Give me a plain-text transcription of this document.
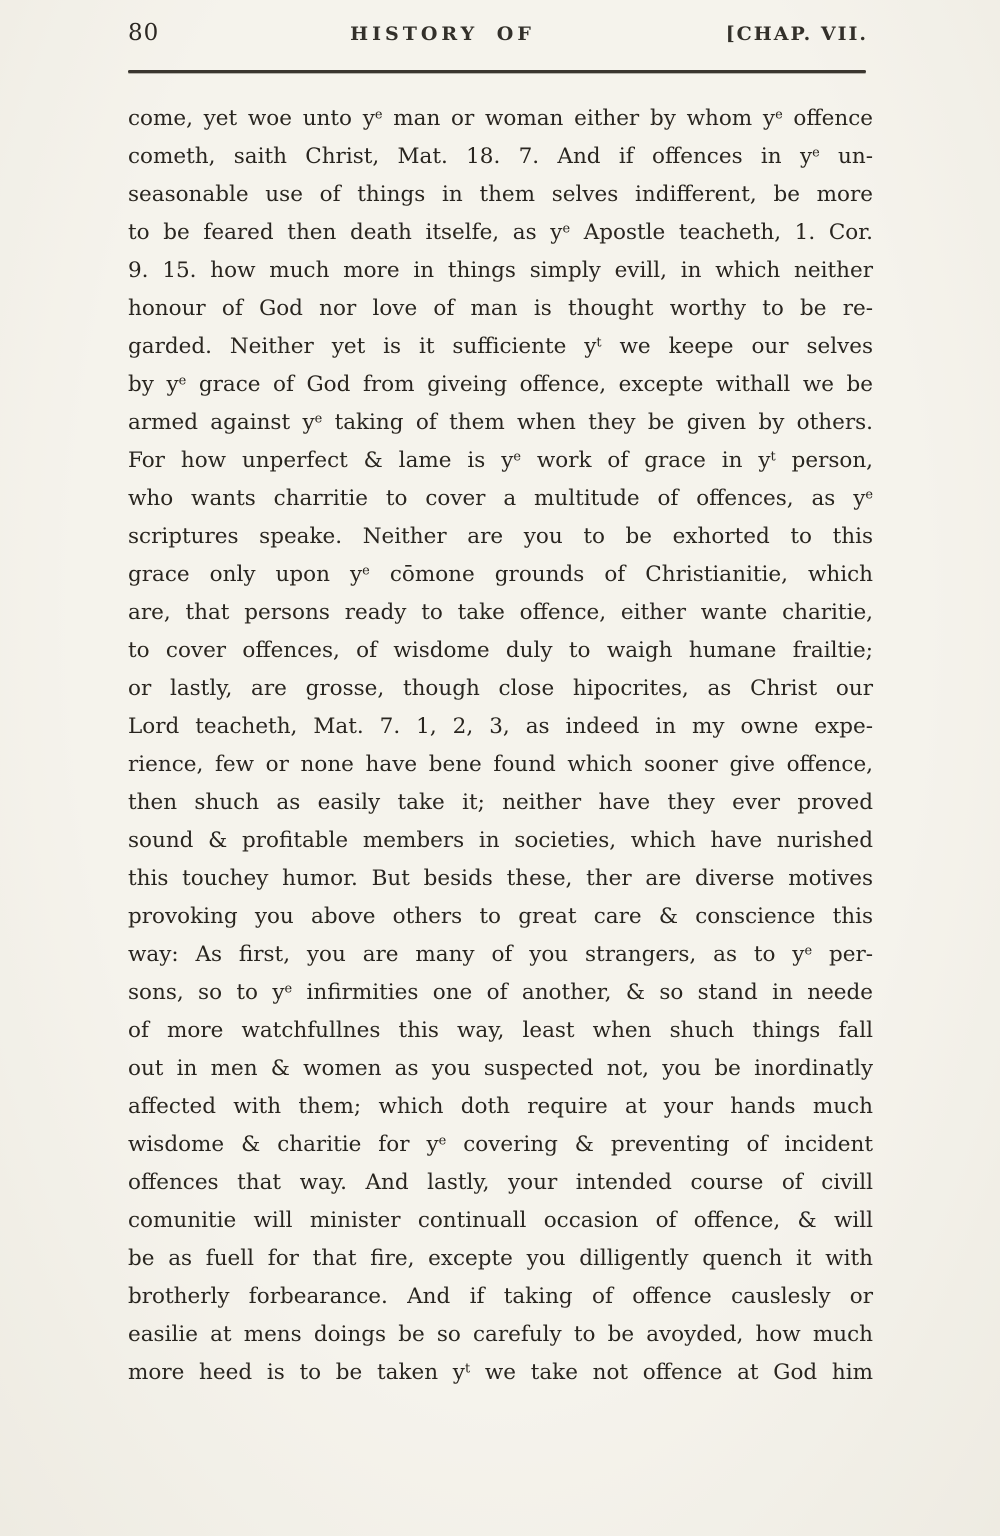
80	HISTORY OF	[CHAP. VII.
come, yet woe unto $y^e$ man or woman either by whom $y^e$ offence
cometh, saith Christ, Mat. 18. 7. And if offences in $y^e$ un-
seasonable use of things in them selves indifferent, be more
to be feared then death itselfe, as $y^e$ Apostle teacheth, 1. Cor.
9. 15. how much more in things simply evill, in which neither
honour of God nor love of man is thought worthy to be re-
garded. Neither yet is it sufficiente $y^t$ we keepe our selves
by $y^e$ grace of God from giveing offence, excepte withall we be
armed against $y^e$ taking of them when they be given by others.
For how unperfect & lame is $y^e$ work of grace in $y^t$ person,
who wants charritie to cover a multitude of offences, as $y^e$
scriptures speake. Neither are you to be exhorted to this
grace only upon $y^e$ cōmone grounds of Christianitie, which
are, that persons ready to take offence, either wante charitie,
to cover offences, of wisdome duly to waigh humane frailtie;
or lastly, are grosse, though close hipocrites, as Christ our
Lord teacheth, Mat. 7. 1, 2, 3, as indeed in my owne expe-
rience, few or none have bene found which sooner give offence,
then shuch as easily take it; neither have they ever proved
sound & profitable members in societies, which have nurished
this touchey humor. But besids these, ther are diverse motives
provoking you above others to great care & conscience this
way: As first, you are many of you strangers, as to $y^e$ per-
sons, so to $y^e$ infirmities one of another, & so stand in neede
of more watchfullnes this way, least when shuch things fall
out in men & women as you suspected not, you be inordinatly
affected with them; which doth require at your hands much
wisdome & charitie for $y^e$ covering & preventing of incident
offences that way. And lastly, your intended course of civill
comunitie will minister continuall occasion of offence, & will
be as fuell for that fire, excepte you dilligently quench it with
brotherly forbearance. And if taking of offence causlesly or
easilie at mens doings be so carefuly to be avoyded, how much
more heed is to be taken $y^t$ we take not offence at God him
